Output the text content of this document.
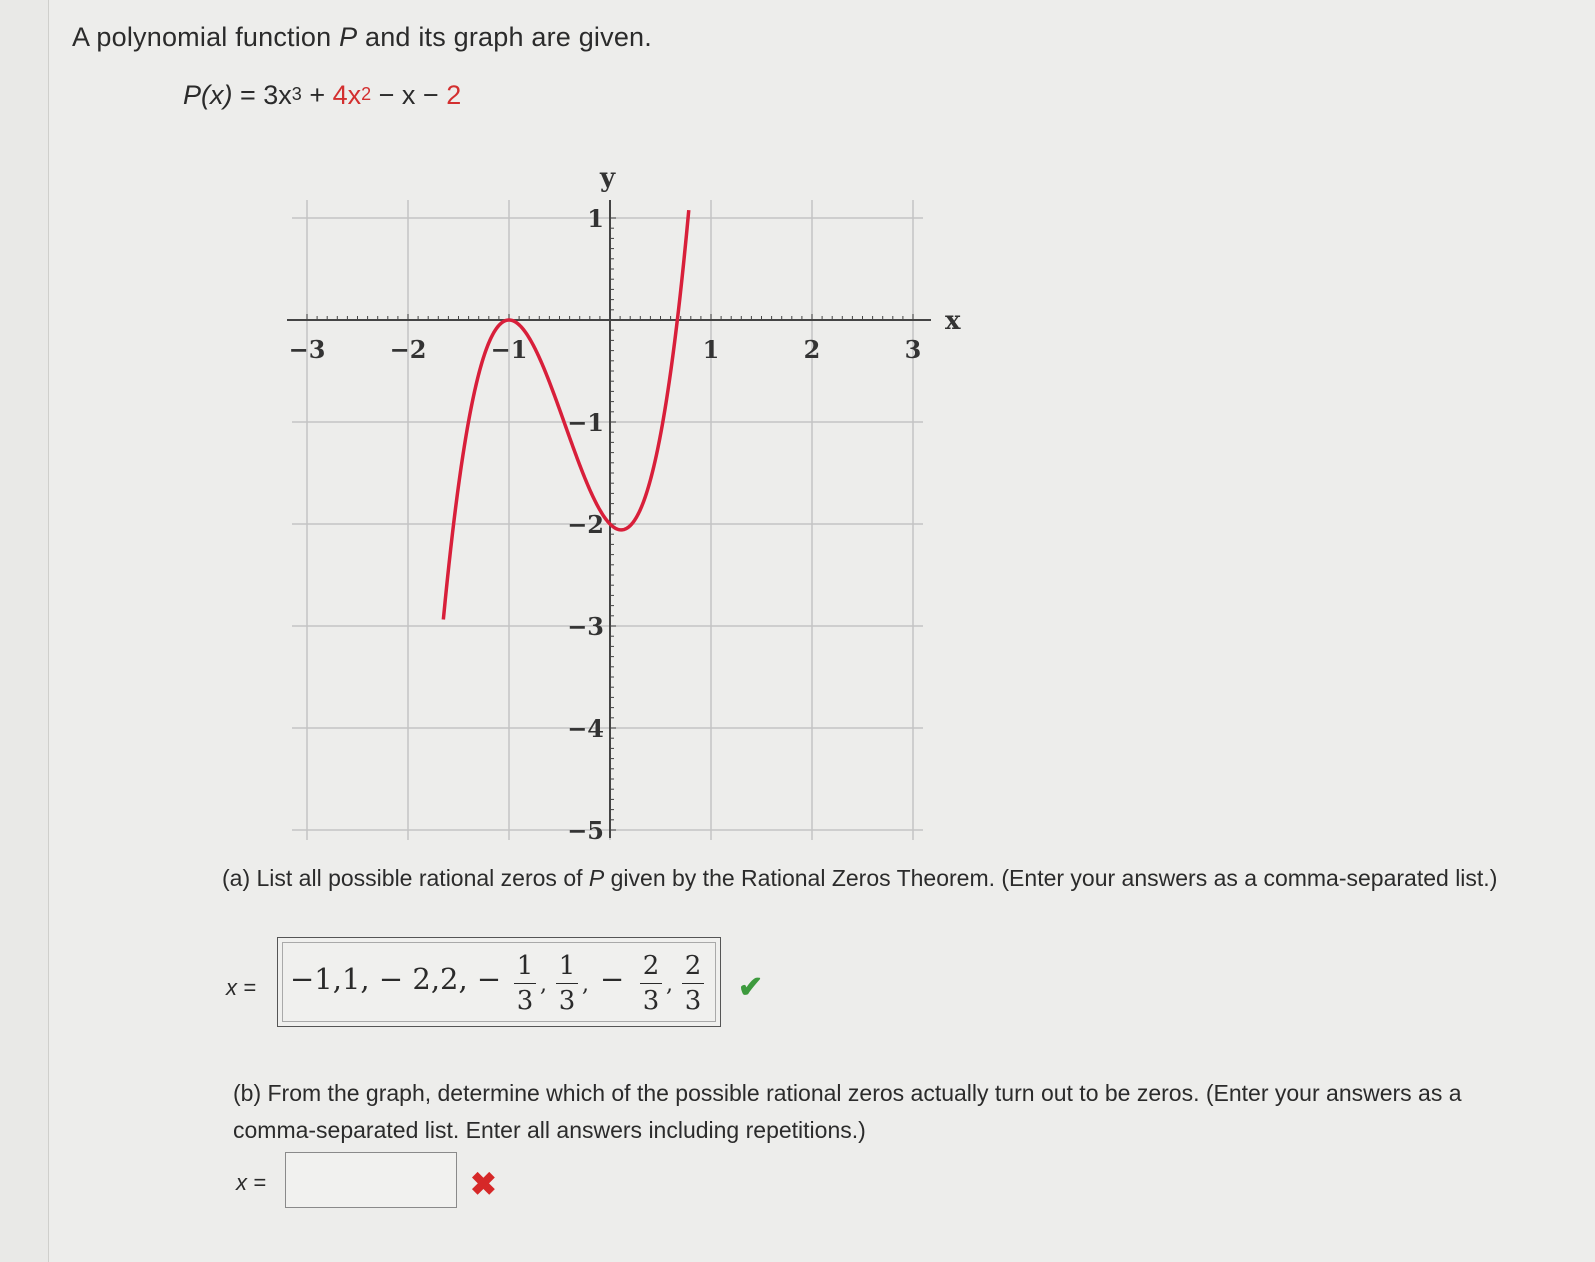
A polynomial function P and its graph are given.
$P(x) = 3x^3 + 4x^2 - x - 2$
x
y
−3	−2	−1	1	2	3
1
−1
−2
−3
−4
−5
(a) List all possible rational zeros of P given by the Rational Zeros Theorem. (Enter your answers as a comma-separated list.)
x = −1,1, − 2,2, − 1
3
,
1
3
, − 2
3
,
2
3 ✔
(b) From the graph, determine which of the possible rational zeros actually turn out to be zeros. (Enter your answers as a comma-separated list. Enter all answers including repetitions.)
x =	✖
